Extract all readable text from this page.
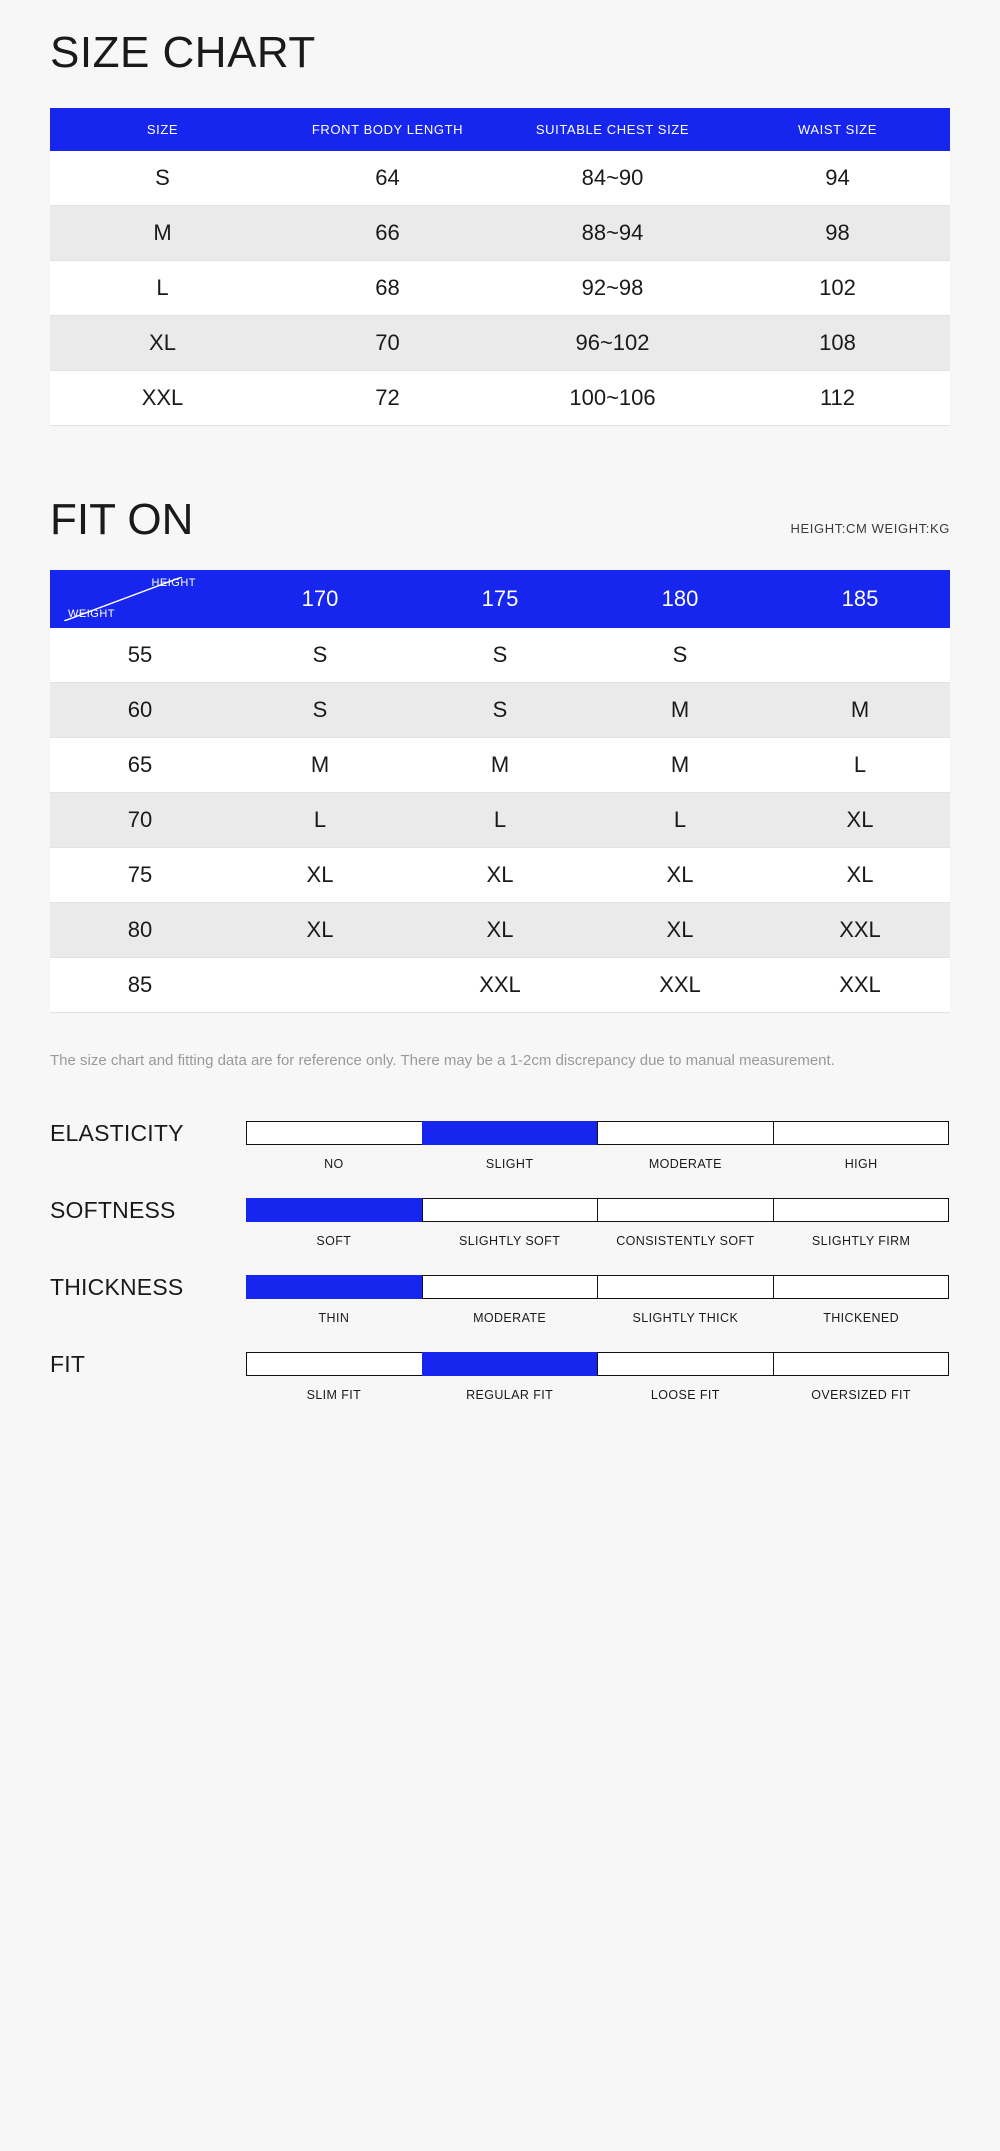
SIZE CHART
SIZE	FRONT BODY LENGTH	SUITABLE CHEST SIZE	WAIST SIZE
S	64	84~90	94
M	66	88~94	98
L	68	92~98	102
XL	70	96~102	108
XXL	72	100~106	112
FIT ON	HEIGHT:CM WEIGHT:KG
HEIGHT
WEIGHT	170	175	180	185
55	S	S	S	
60	S	S	M	M
65	M	M	M	L
70	L	L	L	XL
75	XL	XL	XL	XL
80	XL	XL	XL	XXL
85		XXL	XXL	XXL
The size chart and fitting data are for reference only. There may be a 1-2cm discrepancy due to manual measurement.
ELASTICITY
NO	SLIGHT	MODERATE	HIGH
SOFTNESS
SOFT	SLIGHTLY SOFT	CONSISTENTLY SOFT	SLIGHTLY FIRM
THICKNESS
THIN	MODERATE	SLIGHTLY THICK	THICKENED
FIT
SLIM FIT	REGULAR FIT	LOOSE FIT	OVERSIZED FIT
